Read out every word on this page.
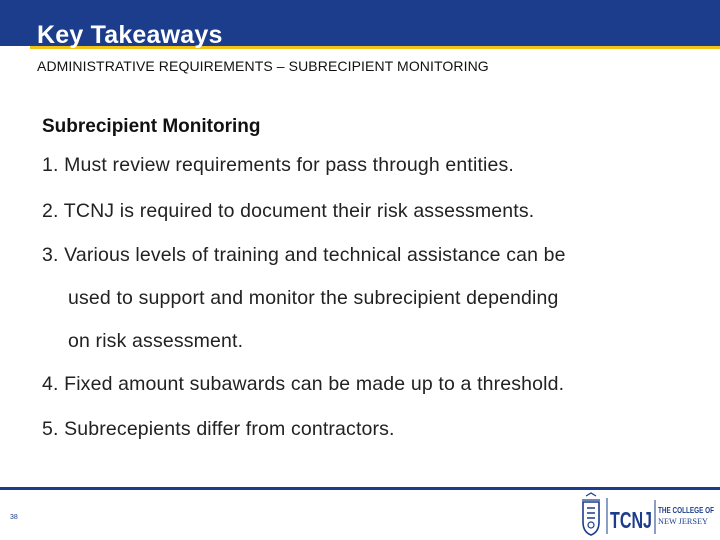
Key Takeaways
ADMINISTRATIVE REQUIREMENTS – SUBRECIPIENT MONITORING
Subrecipient Monitoring
1. Must review requirements for pass through entities.
2. TCNJ is required to document their risk assessments.
3. Various levels of training and technical assistance can be
used to support and monitor the subrecipient depending
on risk assessment.
4. Fixed amount subawards can be made up to a threshold.
5. Subrecepients differ from contractors.
38	TCNJ THE COLLEGE OF
NEW JERSEY
